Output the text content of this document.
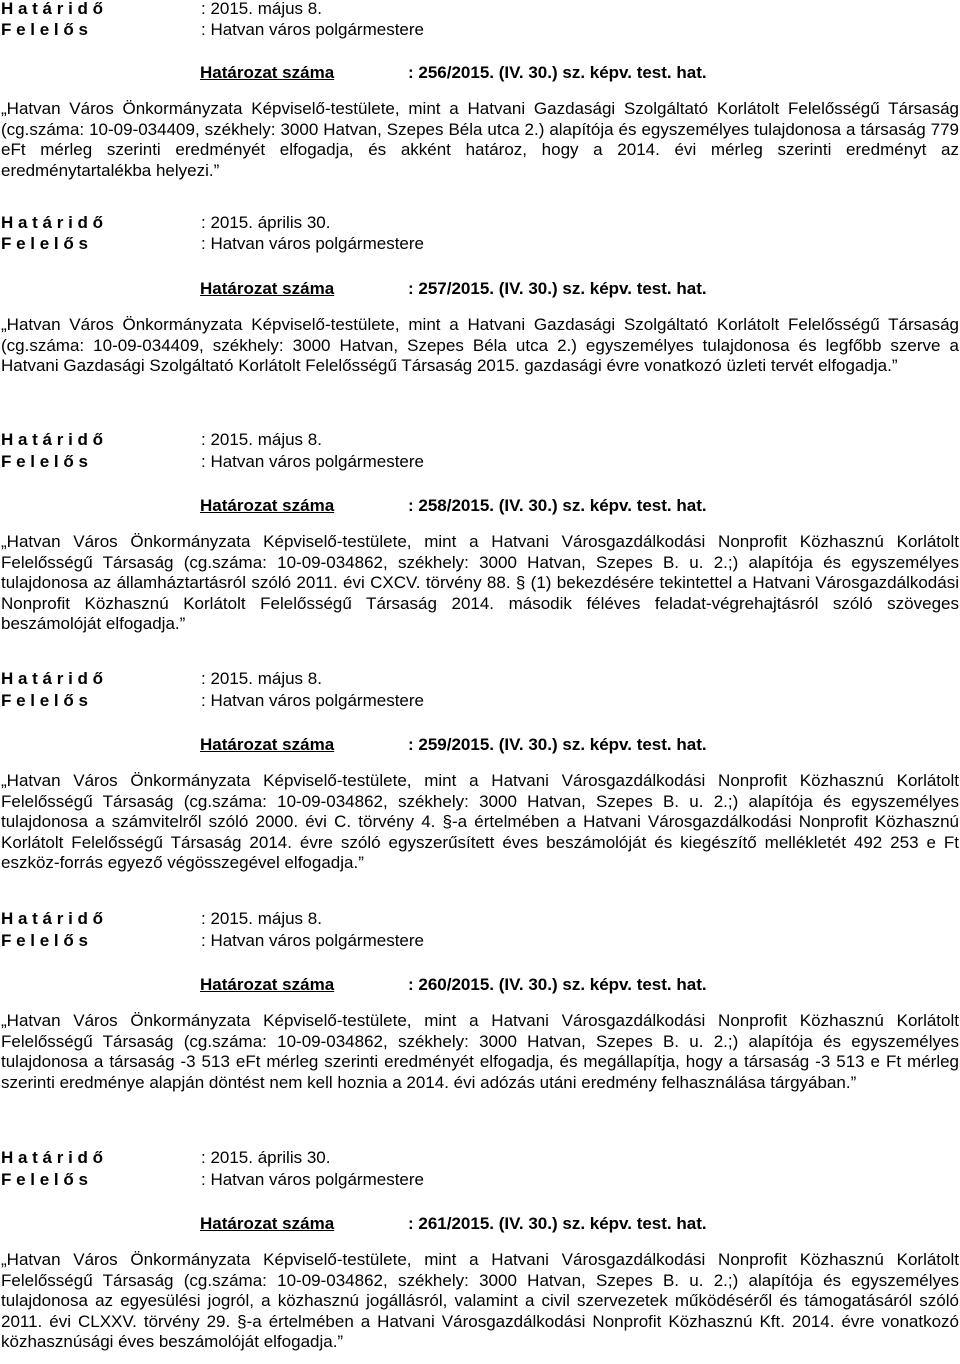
H a t á r i d ő	: 2015. május 8.
F e l e l ő s	: Hatvan város polgármestere
Határozat száma	: 256/2015. (IV. 30.) sz. képv. test. hat.
„Hatvan Város Önkormányzata Képviselő-testülete, mint a Hatvani Gazdasági Szolgáltató Korlátolt Felelősségű Társaság (cg.száma: 10-09-034409, székhely: 3000 Hatvan, Szepes Béla utca 2.) alapítója és egyszemélyes tulajdonosa a társaság 779 eFt mérleg szerinti eredményét elfogadja, és akként határoz, hogy a 2014. évi mérleg szerinti eredményt az eredménytartalékba helyezi.”
H a t á r i d ő	: 2015. április 30.
F e l e l ő s	: Hatvan város polgármestere
Határozat száma	: 257/2015. (IV. 30.) sz. képv. test. hat.
„Hatvan Város Önkormányzata Képviselő-testülete, mint a Hatvani Gazdasági Szolgáltató Korlátolt Felelősségű Társaság (cg.száma: 10-09-034409, székhely: 3000 Hatvan, Szepes Béla utca 2.) egyszemélyes tulajdonosa és legfőbb szerve a Hatvani Gazdasági Szolgáltató Korlátolt Felelősségű Társaság 2015. gazdasági évre vonatkozó üzleti tervét elfogadja.”
H a t á r i d ő	: 2015. május 8.
F e l e l ő s	: Hatvan város polgármestere
Határozat száma	: 258/2015. (IV. 30.) sz. képv. test. hat.
„Hatvan Város Önkormányzata Képviselő-testülete, mint a Hatvani Városgazdálkodási Nonprofit Közhasznú Korlátolt Felelősségű Társaság (cg.száma: 10-09-034862, székhely: 3000 Hatvan, Szepes B. u. 2.;) alapítója és egyszemélyes tulajdonosa az államháztartásról szóló 2011. évi CXCV. törvény 88. § (1) bekezdésére tekintettel a Hatvani Városgazdálkodási Nonprofit Közhasznú Korlátolt Felelősségű Társaság 2014. második féléves feladat-végrehajtásról szóló szöveges beszámolóját elfogadja.”
H a t á r i d ő	: 2015. május 8.
F e l e l ő s	: Hatvan város polgármestere
Határozat száma	: 259/2015. (IV. 30.) sz. képv. test. hat.
„Hatvan Város Önkormányzata Képviselő-testülete, mint a Hatvani Városgazdálkodási Nonprofit Közhasznú Korlátolt Felelősségű Társaság (cg.száma: 10-09-034862, székhely: 3000 Hatvan, Szepes B. u. 2.;) alapítója és egyszemélyes tulajdonosa a számvitelről szóló 2000. évi C. törvény 4. §-a értelmében a Hatvani Városgazdálkodási Nonprofit Közhasznú Korlátolt Felelősségű Társaság 2014. évre szóló egyszerűsített éves beszámolóját és kiegészítő mellékletét 492 253 e Ft eszköz-forrás egyező végösszegével elfogadja.”
H a t á r i d ő	: 2015. május 8.
F e l e l ő s	: Hatvan város polgármestere
Határozat száma	: 260/2015. (IV. 30.) sz. képv. test. hat.
„Hatvan Város Önkormányzata Képviselő-testülete, mint a Hatvani Városgazdálkodási Nonprofit Közhasznú Korlátolt Felelősségű Társaság (cg.száma: 10-09-034862, székhely: 3000 Hatvan, Szepes B. u. 2.;) alapítója és egyszemélyes tulajdonosa a társaság -3 513 eFt mérleg szerinti eredményét elfogadja, és megállapítja, hogy a társaság -3 513 e Ft mérleg szerinti eredménye alapján döntést nem kell hoznia a 2014. évi adózás utáni eredmény felhasználása tárgyában.”
H a t á r i d ő	: 2015. április 30.
F e l e l ő s	: Hatvan város polgármestere
Határozat száma	: 261/2015. (IV. 30.) sz. képv. test. hat.
„Hatvan Város Önkormányzata Képviselő-testülete, mint a Hatvani Városgazdálkodási Nonprofit Közhasznú Korlátolt Felelősségű Társaság (cg.száma: 10-09-034862, székhely: 3000 Hatvan, Szepes B. u. 2.;) alapítója és egyszemélyes tulajdonosa az egyesülési jogról, a közhasznú jogállásról, valamint a civil szervezetek működéséről és támogatásáról szóló 2011. évi CLXXV. törvény 29. §-a értelmében a Hatvani Városgazdálkodási Nonprofit Közhasznú Kft. 2014. évre vonatkozó közhasznúsági éves beszámolóját elfogadja.”
